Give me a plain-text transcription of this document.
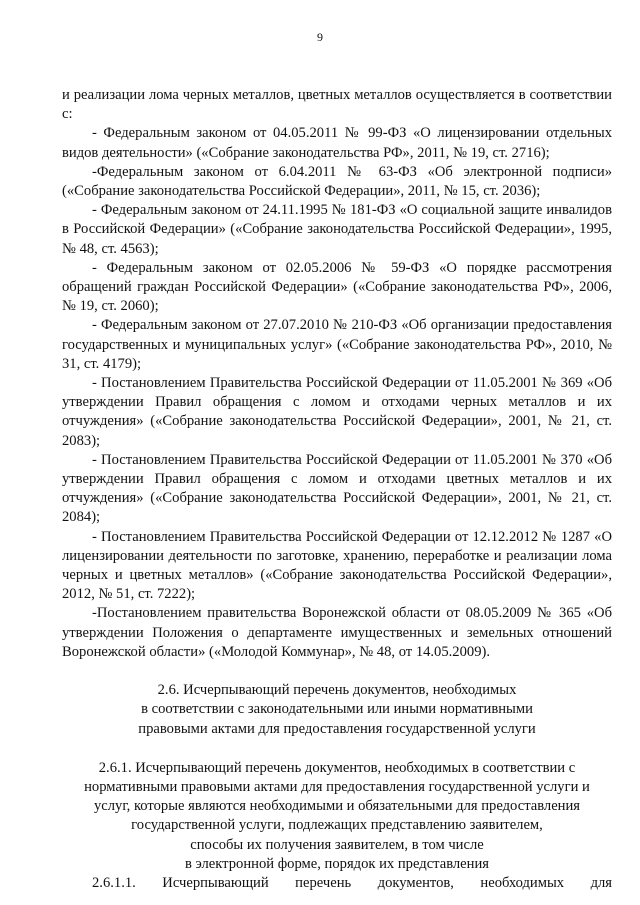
9

и реализации лома черных металлов, цветных металлов осуществляется в соответствии с:

- Федеральным законом от 04.05.2011 № 99-ФЗ «О лицензировании отдельных видов деятельности» («Собрание законодательства РФ», 2011, № 19, ст. 2716);

-Федеральным законом от 6.04.2011 № 63-ФЗ «Об электронной подписи» («Собрание законодательства Российской Федерации», 2011, № 15, ст. 2036);

- Федеральным законом от 24.11.1995 № 181-ФЗ «О социальной защите инвалидов в Российской Федерации» («Собрание законодательства Российской Федерации», 1995, № 48, ст. 4563);

- Федеральным законом от 02.05.2006 № 59-ФЗ «О порядке рассмотрения обращений граждан Российской Федерации» («Собрание законодательства РФ», 2006, № 19, ст. 2060);

- Федеральным законом от 27.07.2010 № 210-ФЗ «Об организации предоставления государственных и муниципальных услуг» («Собрание законодательства РФ», 2010, № 31, ст. 4179);

- Постановлением Правительства Российской Федерации от 11.05.2001 № 369 «Об утверждении Правил обращения с ломом и отходами черных металлов и их отчуждения» («Собрание законодательства Российской Федерации», 2001, № 21, ст. 2083);

- Постановлением Правительства Российской Федерации от 11.05.2001 № 370 «Об утверждении Правил обращения с ломом и отходами цветных металлов и их отчуждения» («Собрание законодательства Российской Федерации», 2001, № 21, ст. 2084);

- Постановлением Правительства Российской Федерации от 12.12.2012 № 1287 «О лицензировании деятельности по заготовке, хранению, переработке и реализации лома черных и цветных металлов» («Собрание законодательства Российской Федерации», 2012, № 51, ст. 7222);

-Постановлением правительства Воронежской области от 08.05.2009 № 365 «Об утверждении Положения о департаменте имущественных и земельных отношений Воронежской области» («Молодой Коммунар», № 48, от 14.05.2009).

2.6. Исчерпывающий перечень документов, необходимых

в соответствии с законодательными или иными нормативными

правовыми актами для предоставления государственной услуги

2.6.1. Исчерпывающий перечень документов, необходимых в соответствии с

нормативными правовыми актами для предоставления государственной услуги и

услуг, которые являются необходимыми и обязательными для предоставления

государственной услуги, подлежащих представлению заявителем,

способы их получения заявителем, в том числе

в электронной форме, порядок их представления

2.6.1.1. Исчерпывающий перечень документов, необходимых для
